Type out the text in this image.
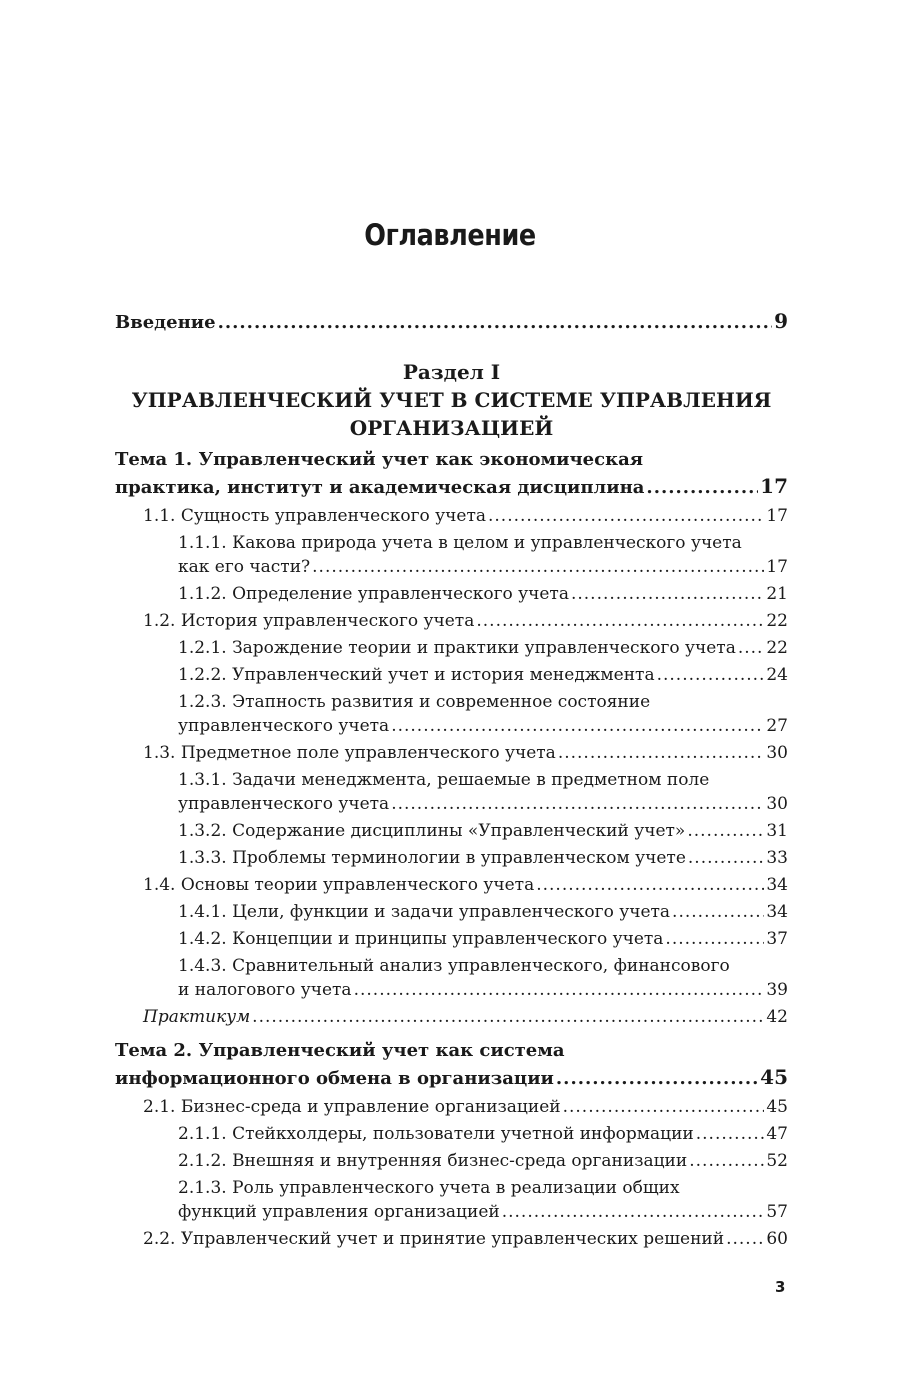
Оглавление
Введение .....	9
Раздел I
УПРАВЛЕНЧЕСКИЙ УЧЕТ В СИСТЕМЕ УПРАВЛЕНИЯ
ОРГАНИЗАЦИЕЙ
Тема 1. Управленческий учет как экономическая
практика, институт и академическая дисциплина .....	17
1.1. Сущность управленческого учета .....	17
1.1.1. Какова природа учета в целом и управленческого учета
как его части? .....	17
1.1.2. Определение управленческого учета .....	21
1.2. История управленческого учета .....	22
1.2.1. Зарождение теории и практики управленческого учета ..... 22
1.2.2. Управленческий учет и история менеджмента .....	24
1.2.3. Этапность развития и современное состояние
управленческого учета .....	27
1.3. Предметное поле управленческого учета .....	30
1.3.1. Задачи менеджмента, решаемые в предметном поле
управленческого учета .....	30
1.3.2. Содержание дисциплины «Управленческий учет» .....	31
1.3.3. Проблемы терминологии в управленческом учете .....	33
1.4. Основы теории управленческого учета .....	34
1.4.1. Цели, функции и задачи управленческого учета .....	34
1.4.2. Концепции и принципы управленческого учета .....	37
1.4.3. Сравнительный анализ управленческого, финансового
и налогового учета .....	39
Практикум .....	42
Тема 2. Управленческий учет как система
информационного обмена в организации .....	45
2.1. Бизнес-среда и управление организацией .....	45
2.1.1. Стейкхолдеры, пользователи учетной информации .....	47
2.1.2. Внешняя и внутренняя бизнес-среда организации .....	52
2.1.3. Роль управленческого учета в реализации общих
функций управления организацией .....	57
2.2. Управленческий учет и принятие управленческих решений ..... 60
3
